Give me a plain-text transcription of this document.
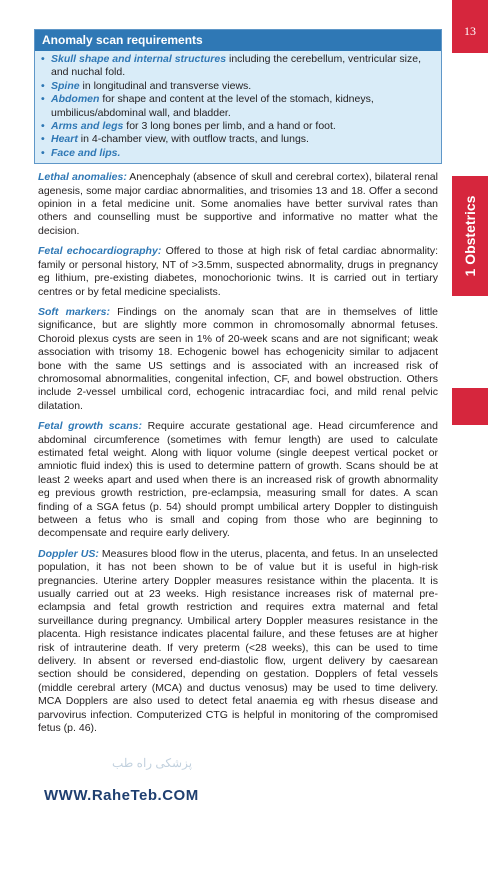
13
1 Obstetrics
Anomaly scan requirements
• Skull shape and internal structures including the cerebellum, ventricular size, and nuchal fold.
• Spine in longitudinal and transverse views.
• Abdomen for shape and content at the level of the stomach, kidneys, umbilicus/abdominal wall, and bladder.
• Arms and legs for 3 long bones per limb, and a hand or foot.
• Heart in 4-chamber view, with outflow tracts, and lungs.
• Face and lips.

Lethal anomalies: Anencephaly (absence of skull and cerebral cortex), bilateral renal agenesis, some major cardiac abnormalities, and trisomies 13 and 18. Offer a second opinion in a fetal medicine unit. Some anomalies have better survival rates than others and counselling must be supportive and informative no matter what the decision.

Fetal echocardiography: Offered to those at high risk of fetal cardiac abnormality: family or personal history, NT of >3.5mm, suspected abnormality, drugs in pregnancy eg lithium, pre-existing diabetes, monochorionic twins. It is carried out in tertiary centres or by fetal medicine specialists.

Soft markers: Findings on the anomaly scan that are in themselves of little significance, but are slightly more common in chromosomally abnormal fetuses. Choroid plexus cysts are seen in 1% of 20-week scans and are not significant; weak association with trisomy 18. Echogenic bowel has echogenicity similar to adjacent bone with the same US settings and is associated with an increased risk of chromosomal abnormalities, congenital infection, CF, and bowel obstruction. Others include 2-vessel umbilical cord, echogenic intracardiac foci, and mild renal pelvic dilatation.

Fetal growth scans: Require accurate gestational age. Head circumference and abdominal circumference (sometimes with femur length) are used to calculate estimated fetal weight. Along with liquor volume (single deepest vertical pocket or amniotic fluid index) this is used to determine pattern of growth. Scans should be at least 2 weeks apart and used when there is an increased risk of growth abnormality eg previous growth restriction, pre-eclampsia, measuring small for dates. A scan finding of a SGA fetus (p. 54) should prompt umbilical artery Doppler to distinguish between a fetus who is small and coping from those who are beginning to decompensate and require early delivery.

Doppler US: Measures blood flow in the uterus, placenta, and fetus. In an unselected population, it has not been shown to be of value but it is useful in high-risk pregnancies. Uterine artery Doppler measures resistance within the placenta. It is usually carried out at 23 weeks. High resistance increases risk of maternal pre-eclampsia and fetal growth restriction and requires extra maternal and fetal surveillance during pregnancy. Umbilical artery Doppler measures resistance in the placenta. High resistance indicates placental failure, and these fetuses are at higher risk of intrauterine death. If very preterm (<28 weeks), this can be used to time delivery. In absent or reversed end-diastolic flow, urgent delivery by caesarean section should be considered, depending on gestation. Dopplers of fetal vessels (middle cerebral artery (MCA) and ductus venosus) may be used to time delivery. MCA Dopplers are also used to detect fetal anaemia eg with rhesus disease and parvovirus infection. Computerized CTG is helpful in monitoring of the compromised fetus (p. 46).

پزشکی راه طب
WWW.RaheTeb.COM
